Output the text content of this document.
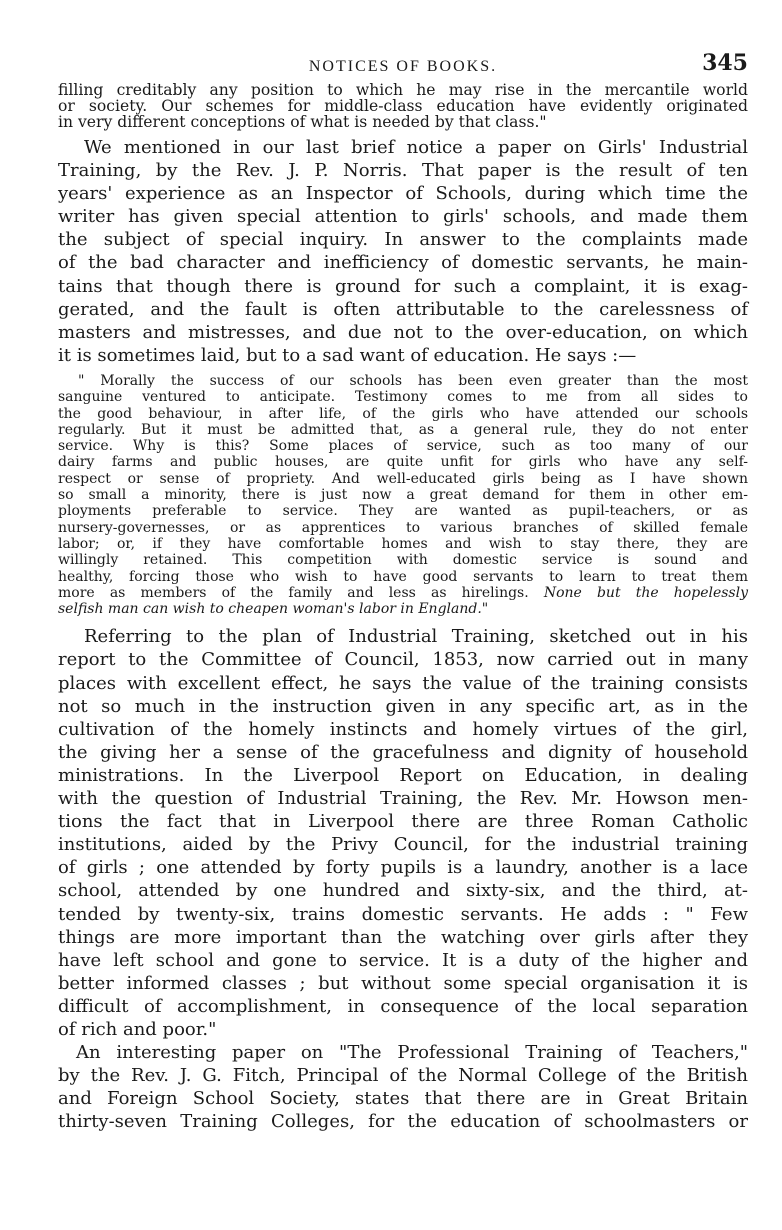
NOTICES OF BOOKS.	345

filling creditably any position to which he may rise in the mercantile world
or society. Our schemes for middle-class education have evidently originated
in very different conceptions of what is needed by that class."

We mentioned in our last brief notice a paper on Girls' Industrial
Training, by the Rev. J. P. Norris. That paper is the result of ten
years' experience as an Inspector of Schools, during which time the
writer has given special attention to girls' schools, and made them
the subject of special inquiry. In answer to the complaints made
of the bad character and inefficiency of domestic servants, he main-
tains that though there is ground for such a complaint, it is exag-
gerated, and the fault is often attributable to the carelessness of
masters and mistresses, and due not to the over-education, on which
it is sometimes laid, but to a sad want of education. He says :—

" Morally the success of our schools has been even greater than the most
sanguine ventured to anticipate. Testimony comes to me from all sides to
the good behaviour, in after life, of the girls who have attended our schools
regularly. But it must be admitted that, as a general rule, they do not enter
service. Why is this? Some places of service, such as too many of our
dairy farms and public houses, are quite unfit for girls who have any self-
respect or sense of propriety. And well-educated girls being as I have shown
so small a minority, there is just now a great demand for them in other em-
ployments preferable to service. They are wanted as pupil-teachers, or as
nursery-governesses, or as apprentices to various branches of skilled female
labor; or, if they have comfortable homes and wish to stay there, they are
willingly retained. This competition with domestic service is sound and
healthy, forcing those who wish to have good servants to learn to treat them
more as members of the family and less as hirelings. None but the hopelessly
selfish man can wish to cheapen woman's labor in England."

Referring to the plan of Industrial Training, sketched out in his
report to the Committee of Council, 1853, now carried out in many
places with excellent effect, he says the value of the training consists
not so much in the instruction given in any specific art, as in the
cultivation of the homely instincts and homely virtues of the girl,
the giving her a sense of the gracefulness and dignity of household
ministrations. In the Liverpool Report on Education, in dealing
with the question of Industrial Training, the Rev. Mr. Howson men-
tions the fact that in Liverpool there are three Roman Catholic
institutions, aided by the Privy Council, for the industrial training
of girls ; one attended by forty pupils is a laundry, another is a lace
school, attended by one hundred and sixty-six, and the third, at-
tended by twenty-six, trains domestic servants. He adds : " Few
things are more important than the watching over girls after they
have left school and gone to service. It is a duty of the higher and
better informed classes ; but without some special organisation it is
difficult of accomplishment, in consequence of the local separation
of rich and poor."

An interesting paper on "The Professional Training of Teachers,"
by the Rev. J. G. Fitch, Principal of the Normal College of the British
and Foreign School Society, states that there are in Great Britain
thirty-seven Training Colleges, for the education of schoolmasters or
